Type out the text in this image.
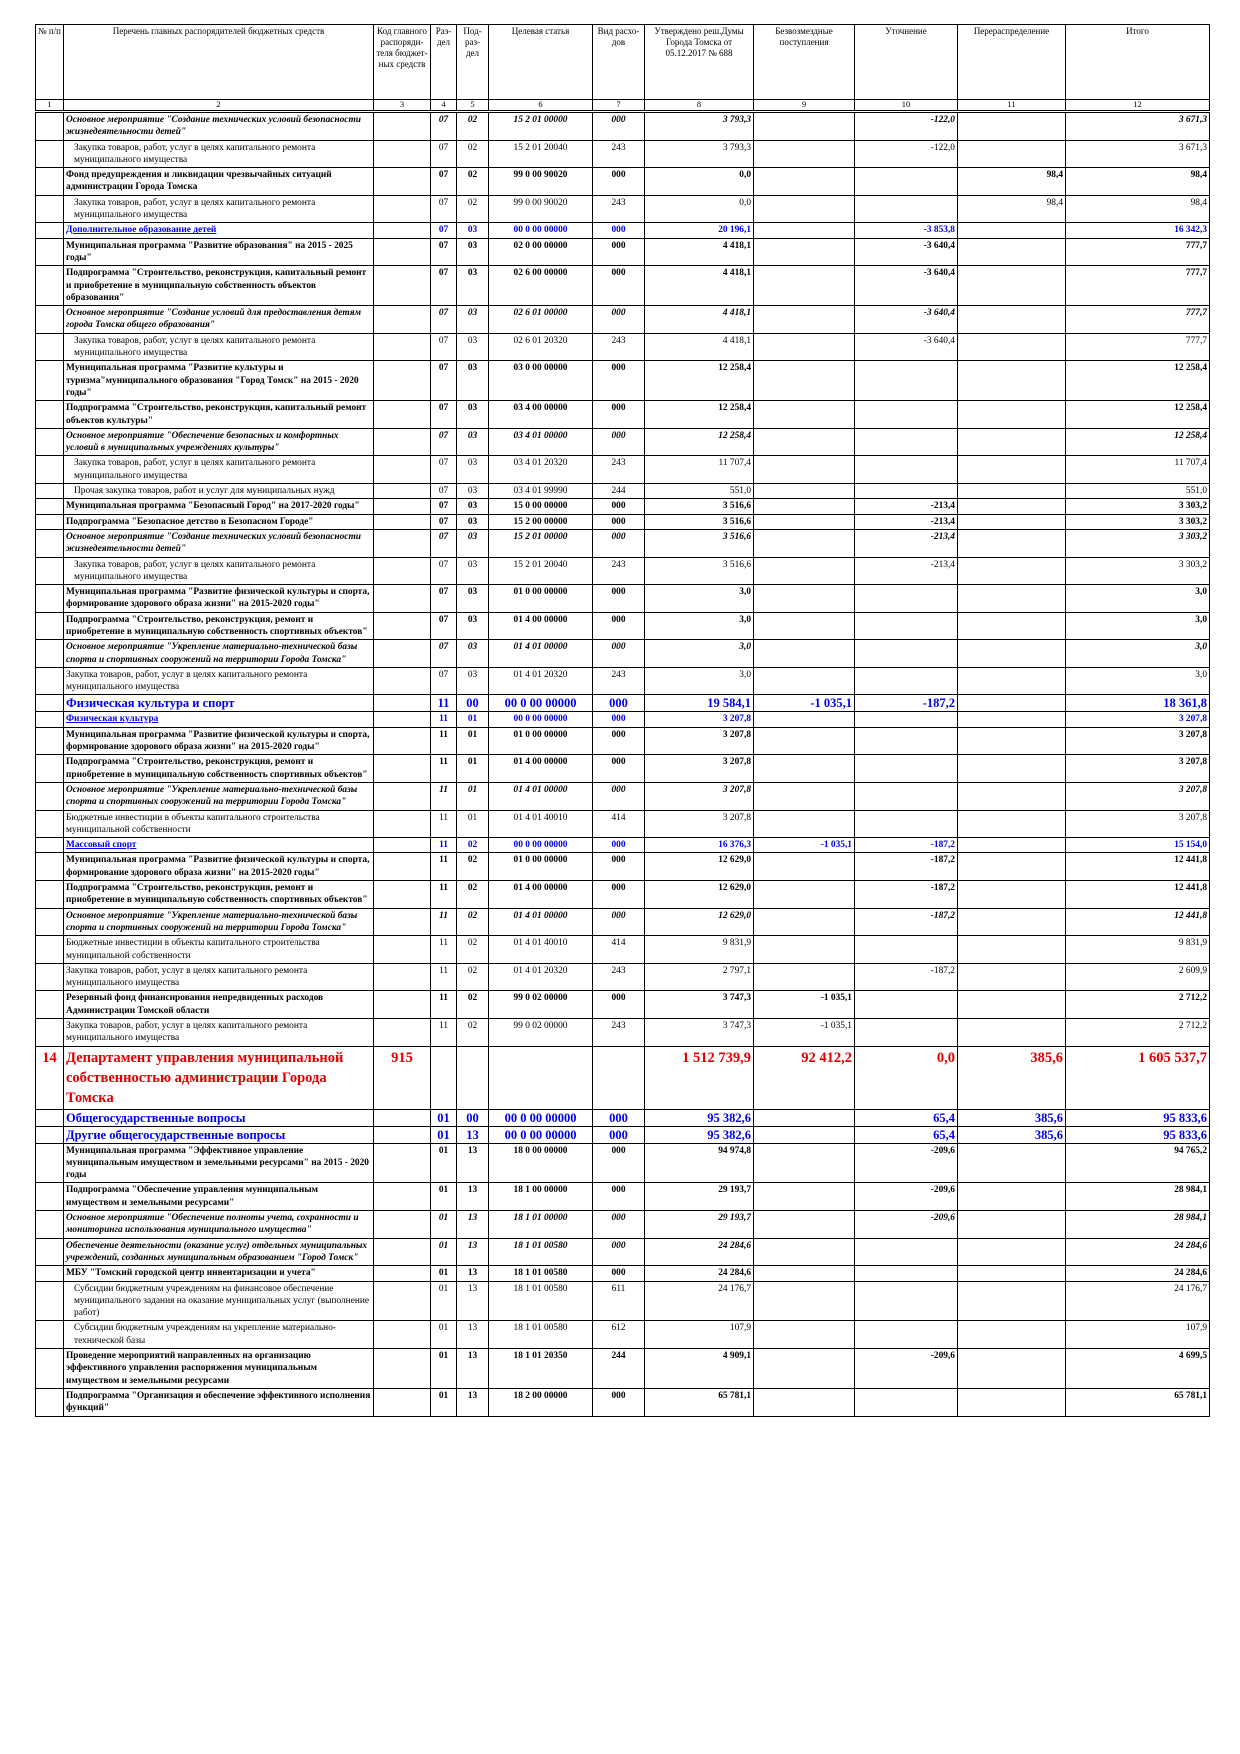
№ п/п	Перечень главных распорядителей бюджетных средств	Код главного распоряди-теля бюджет-ных средств	Раз-дел	Под-раз-дел	Целевая статья	Вид расхо-дов	Утверждено реш.Думы Города Томска от 05.12.2017 № 688	Безвозмездные поступления	Уточнение	Перераспределение	Итого
1	2	3	4	5	6	7	8	9	10	11	12
	Основное мероприятие "Создание технических условий безопасности жизнедеятельности детей"		07	02	15 2 01 00000	000	3 793,3		-122,0		3 671,3
	Закупка товаров, работ, услуг в целях капитального ремонта муниципального имущества		07	02	15 2 01 20040	243	3 793,3		-122,0		3 671,3
	Фонд предупреждения и ликвидации чрезвычайных ситуаций администрации Города Томска		07	02	99 0 00 90020	000	0,0			98,4	98,4
	Закупка товаров, работ, услуг в целях капитального ремонта муниципального имущества		07	02	99 0 00 90020	243	0,0			98,4	98,4
	Дополнительное образование детей		07	03	00 0 00 00000	000	20 196,1		-3 853,8		16 342,3
	Муниципальная программа "Развитие образования" на 2015 - 2025 годы"		07	03	02 0 00 00000	000	4 418,1		-3 640,4		777,7
	Подпрограмма "Строительство, реконструкция, капитальный ремонт и приобретение в муниципальную собственность объектов образования"		07	03	02 6 00 00000	000	4 418,1		-3 640,4		777,7
	Основное мероприятие "Создание условий для предоставления детям города Томска общего образования"		07	03	02 6 01 00000	000	4 418,1		-3 640,4		777,7
	Закупка товаров, работ, услуг в целях капитального ремонта муниципального имущества		07	03	02 6 01 20320	243	4 418,1		-3 640,4		777,7
	Муниципальная программа "Развитие культуры и туризма"муниципального образования "Город Томск" на 2015 - 2020 годы"		07	03	03 0 00 00000	000	12 258,4				12 258,4
	Подпрограмма "Строительство, реконструкция, капитальный ремонт объектов культуры"		07	03	03 4 00 00000	000	12 258,4				12 258,4
	Основное мероприятие "Обеспечение безопасных и комфортных условий в муниципальных учреждениях культуры"		07	03	03 4 01 00000	000	12 258,4				12 258,4
	Закупка товаров, работ, услуг в целях капитального ремонта муниципального имущества		07	03	03 4 01 20320	243	11 707,4				11 707,4
	Прочая закупка товаров, работ и услуг для муниципальных нужд		07	03	03 4 01 99990	244	551,0				551,0
	Муниципальная программа "Безопасный Город" на 2017-2020 годы"		07	03	15 0 00 00000	000	3 516,6		-213,4		3 303,2
	Подпрограмма "Безопасное детство в Безопасном Городе"		07	03	15 2 00 00000	000	3 516,6		-213,4		3 303,2
	Основное мероприятие "Создание технических условий безопасности жизнедеятельности детей"		07	03	15 2 01 00000	000	3 516,6		-213,4		3 303,2
	Закупка товаров, работ, услуг в целях капитального ремонта муниципального имущества		07	03	15 2 01 20040	243	3 516,6		-213,4		3 303,2
	Муниципальная программа "Развитие физической культуры и спорта, формирование здорового образа жизни" на 2015-2020 годы"		07	03	01 0 00 00000	000	3,0				3,0
	Подпрограмма "Строительство, реконструкция, ремонт и приобретение в муниципальную собственность спортивных объектов"		07	03	01 4 00 00000	000	3,0				3,0
	Основное мероприятие "Укрепление материально-технической базы спорта и спортивных сооружений на территории Города Томска"		07	03	01 4 01 00000	000	3,0				3,0
	Закупка товаров, работ, услуг в целях капитального ремонта муниципального имущества		07	03	01 4 01 20320	243	3,0				3,0
	Физическая культура и спорт		11	00	00 0 00 00000	000	19 584,1	-1 035,1	-187,2		18 361,8
	Физическая культура		11	01	00 0 00 00000	000	3 207,8				3 207,8
	Муниципальная программа "Развитие физической культуры и спорта, формирование здорового образа жизни" на 2015-2020 годы"		11	01	01 0 00 00000	000	3 207,8				3 207,8
	Подпрограмма "Строительство, реконструкция, ремонт и приобретение в муниципальную собственность спортивных объектов"		11	01	01 4 00 00000	000	3 207,8				3 207,8
	Основное мероприятие "Укрепление материально-технической базы спорта и спортивных сооружений на территории Города Томска"		11	01	01 4 01 00000	000	3 207,8				3 207,8
	Бюджетные инвестиции в объекты капитального строительства муниципальной собственности		11	01	01 4 01 40010	414	3 207,8				3 207,8
	Массовый спорт		11	02	00 0 00 00000	000	16 376,3	-1 035,1	-187,2		15 154,0
	Муниципальная программа "Развитие физической культуры и спорта, формирование здорового образа жизни" на 2015-2020 годы"		11	02	01 0 00 00000	000	12 629,0		-187,2		12 441,8
	Подпрограмма "Строительство, реконструкция, ремонт и приобретение в муниципальную собственность спортивных объектов"		11	02	01 4 00 00000	000	12 629,0		-187,2		12 441,8
	Основное мероприятие "Укрепление материально-технической базы спорта и спортивных сооружений на территории Города Томска"		11	02	01 4 01 00000	000	12 629,0		-187,2		12 441,8
	Бюджетные инвестиции в объекты капитального строительства муниципальной собственности		11	02	01 4 01 40010	414	9 831,9				9 831,9
	Закупка товаров, работ, услуг в целях капитального ремонта муниципального имущества		11	02	01 4 01 20320	243	2 797,1		-187,2		2 609,9
	Резервный фонд финансирования непредвиденных расходов Администрации Томской области		11	02	99 0 02 00000	000	3 747,3	-1 035,1			2 712,2
	Закупка товаров, работ, услуг в целях капитального ремонта муниципального имущества		11	02	99 0 02 00000	243	3 747,3	-1 035,1			2 712,2
14	Департамент управления муниципальной собственностью администрации Города Томска	915					1 512 739,9	92 412,2	0,0	385,6	1 605 537,7
	Общегосударственные вопросы		01	00	00 0 00 00000	000	95 382,6		65,4	385,6	95 833,6
	Другие общегосударственные вопросы		01	13	00 0 00 00000	000	95 382,6		65,4	385,6	95 833,6
	Муниципальная программа "Эффективное управление муниципальным имуществом и земельными ресурсами" на 2015 - 2020 годы		01	13	18 0 00 00000	000	94 974,8		-209,6		94 765,2
	Подпрограмма "Обеспечение управления муниципальным имуществом и земельными ресурсами"		01	13	18 1 00 00000	000	29 193,7		-209,6		28 984,1
	Основное мероприятие "Обеспечение полноты учета, сохранности и мониторинга использования муниципального имущества"		01	13	18 1 01 00000	000	29 193,7		-209,6		28 984,1
	Обеспечение деятельности (оказание услуг) отдельных муниципальных учреждений, созданных муниципальным образованием "Город Томск"		01	13	18 1 01 00580	000	24 284,6				24 284,6
	МБУ "Томский городской центр инвентаризации и учета"		01	13	18 1 01 00580	000	24 284,6				24 284,6
	Субсидии бюджетным учреждениям на финансовое обеспечение муниципального задания на оказание муниципальных услуг (выполнение работ)		01	13	18 1 01 00580	611	24 176,7				24 176,7
	Субсидии бюджетным учреждениям на укрепление материально-технической базы		01	13	18 1 01 00580	612	107,9				107,9
	Проведение мероприятий направленных на организацию эффективного управления распоряжения муниципальным имуществом и земельными ресурсами		01	13	18 1 01 20350	244	4 909,1		-209,6		4 699,5
	Подпрограмма "Организация и обеспечение эффективного исполнения функций"		01	13	18 2 00 00000	000	65 781,1				65 781,1
